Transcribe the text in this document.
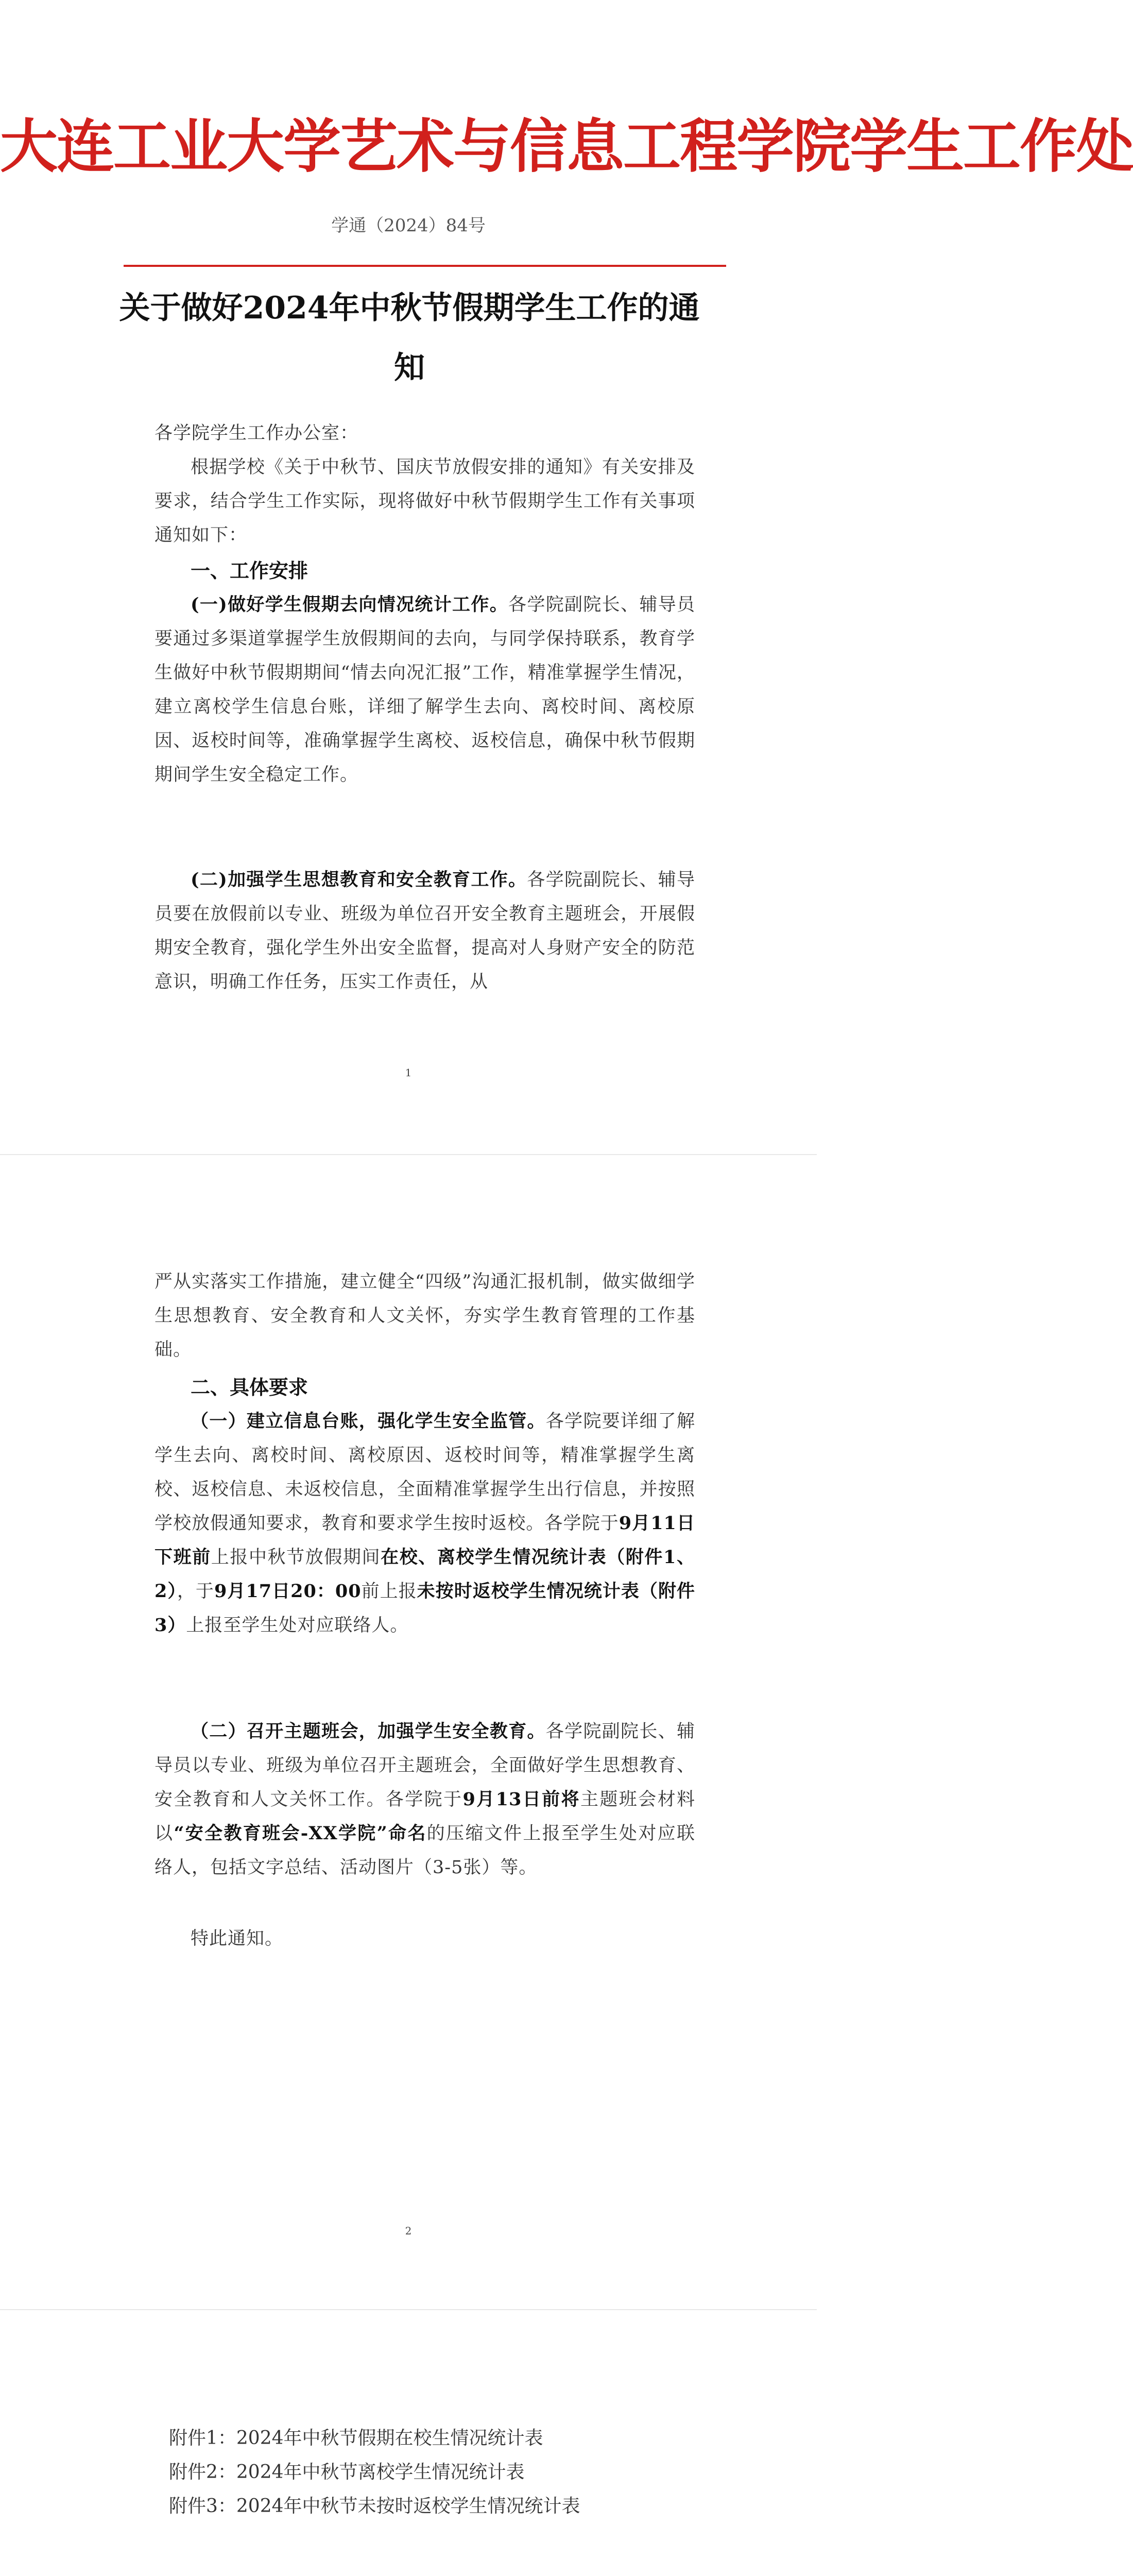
大连工业大学艺术与信息工程学院学生工作处
学通（2024）84号
关于做好2024年中秋节假期学生工作的通
知

各学院学生工作办公室：

根据学校《关于中秋节、国庆节放假安排的通知》有关安排及要求，结合学生工作实际，现将做好中秋节假期学生工作有关事项通知如下：

一、工作安排

(一)做好学生假期去向情况统计工作。各学院副院长、辅导员要通过多渠道掌握学生放假期间的去向，与同学保持联系，教育学生做好中秋节假期期间“情去向况汇报”工作，精准掌握学生情况，建立离校学生信息台账，详细了解学生去向、离校时间、离校原因、返校时间等，准确掌握学生离校、返校信息，确保中秋节假期期间学生安全稳定工作。

(二)加强学生思想教育和安全教育工作。各学院副院长、辅导员要在放假前以专业、班级为单位召开安全教育主题班会，开展假期安全教育，强化学生外出安全监督，提高对人身财产安全的防范意识，明确工作任务，压实工作责任，从

1

严从实落实工作措施，建立健全“四级”沟通汇报机制，做实做细学生思想教育、安全教育和人文关怀，夯实学生教育管理的工作基础。

二、具体要求

（一）建立信息台账，强化学生安全监管。各学院要详细了解学生去向、离校时间、离校原因、返校时间等，精准掌握学生离校、返校信息、未返校信息，全面精准掌握学生出行信息，并按照学校放假通知要求，教育和要求学生按时返校。各学院于9月11日下班前上报中秋节放假期间在校、离校学生情况统计表（附件1、2），于9月17日20：00前上报未按时返校学生情况统计表（附件3）上报至学生处对应联络人。

（二）召开主题班会，加强学生安全教育。各学院副院长、辅导员以专业、班级为单位召开主题班会，全面做好学生思想教育、安全教育和人文关怀工作。各学院于9月13日前将主题班会材料以“安全教育班会-XX学院”命名的压缩文件上报至学生处对应联络人，包括文字总结、活动图片（3-5张）等。

特此通知。

2
附件1：2024年中秋节假期在校生情况统计表
附件2：2024年中秋节离校学生情况统计表
附件3：2024年中秋节未按时返校学生情况统计表
